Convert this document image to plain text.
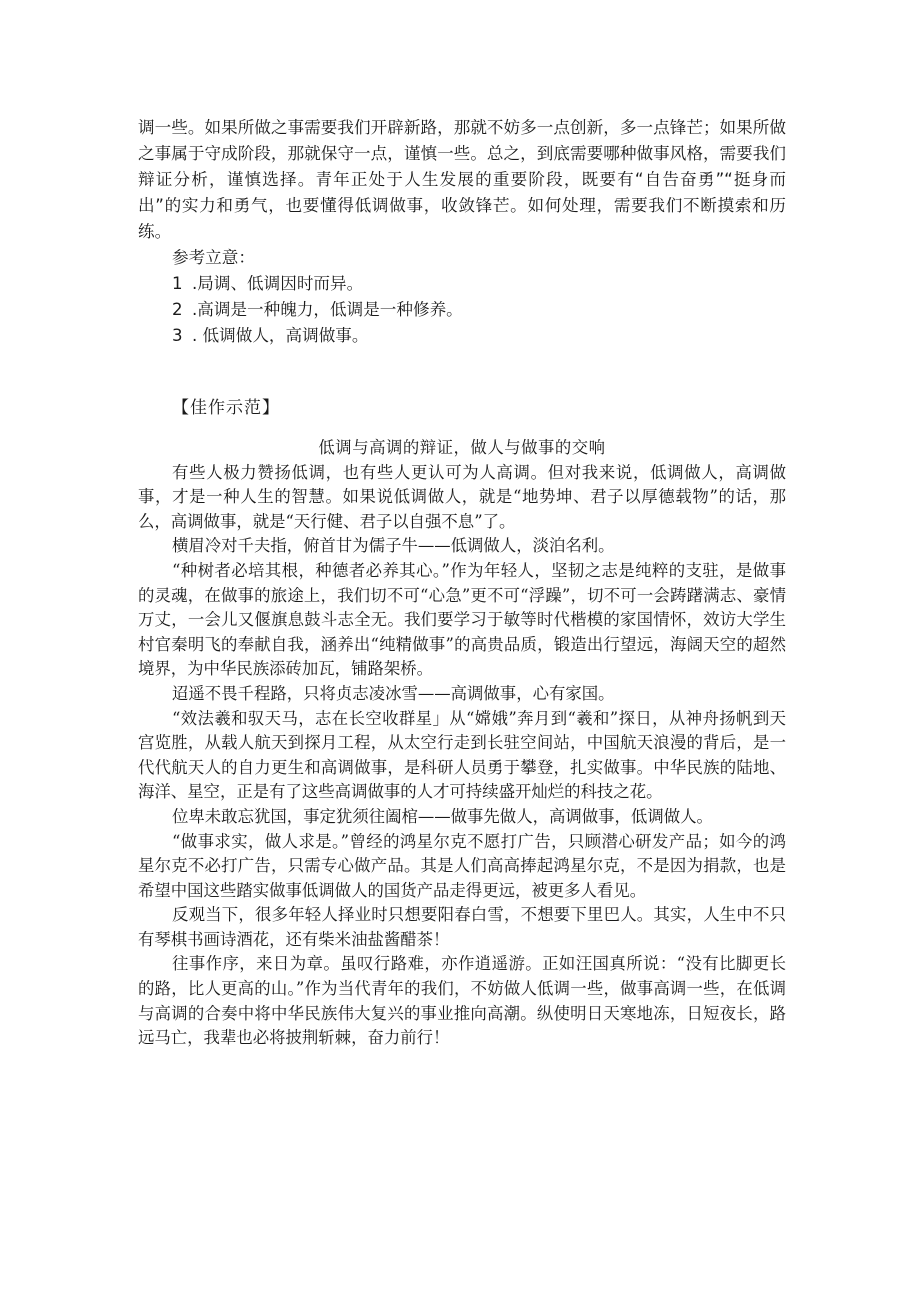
调一些。如果所做之事需要我们开辟新路，那就不妨多一点创新，多一点锋芒；如果所做之事属于守成阶段，那就保守一点，谨慎一些。总之，到底需要哪种做事风格，需要我们辩证分析，谨慎选择。青年正处于人生发展的重要阶段，既要有“自告奋勇”“挺身而出”的实力和勇气，也要懂得低调做事，收敛锋芒。如何处理，需要我们不断摸索和历练。

参考立意：

1 .局调、低调因时而异。

2 .高调是一种魄力，低调是一种修养。

3 . 低调做人，高调做事。

【佳作示范】
低调与高调的辩证，做人与做事的交响

有些人极力赞扬低调，也有些人更认可为人高调。但对我来说，低调做人，高调做事，才是一种人生的智慧。如果说低调做人，就是“地势坤、君子以厚德载物”的话，那么，高调做事，就是“天行健、君子以自强不息”了。

横眉冷对千夫指，俯首甘为儒子牛——低调做人，淡泊名利。

“种树者必培其根，种德者必养其心。”作为年轻人，坚韧之志是纯粹的支驻，是做事的灵魂，在做事的旅途上，我们切不可“心急”更不可“浮躁”，切不可一会踌躇满志、豪情万丈，一会儿又偃旗息鼓斗志全无。我们要学习于敏等时代楷模的家国情怀，效访大学生村官秦明飞的奉献自我，涵养出“纯精做事”的高贵品质，锻造出行望远，海阔天空的超然境界，为中华民族添砖加瓦，铺路架桥。

迢遥不畏千程路，只将贞志凌冰雪——高调做事，心有家国。

“效法羲和驭天马，志在长空收群星」从“嫦娥”奔月到“羲和”探日，从神舟扬帆到天宫览胜，从载人航天到探月工程，从太空行走到长驻空间站，中国航天浪漫的背后，是一代代航天人的自力更生和高调做事，是科研人员勇于攀登，扎实做事。中华民族的陆地、海洋、星空，正是有了这些高调做事的人才可持续盛开灿烂的科技之花。

位卑未敢忘犹国，事定犹须往阖棺——做事先做人，高调做事，低调做人。

“做事求实，做人求是。”曾经的鸿星尔克不愿打广告，只顾潜心研发产品；如今的鸿星尔克不必打广告，只需专心做产品。其是人们高高捧起鸿星尔克，不是因为捐款，也是希望中国这些踏实做事低调做人的国货产品走得更远，被更多人看见。

反观当下，很多年轻人择业时只想要阳春白雪，不想要下里巴人。其实，人生中不只有琴棋书画诗酒花，还有柴米油盐酱醋茶！

往事作序，来日为章。虽叹行路难，亦作逍遥游。正如汪国真所说：“没有比脚更长的路，比人更高的山。”作为当代青年的我们，不妨做人低调一些，做事高调一些，在低调与高调的合奏中将中华民族伟大复兴的事业推向高潮。纵使明日天寒地冻，日短夜长，路远马亡，我辈也必将披荆斩棘，奋力前行！
